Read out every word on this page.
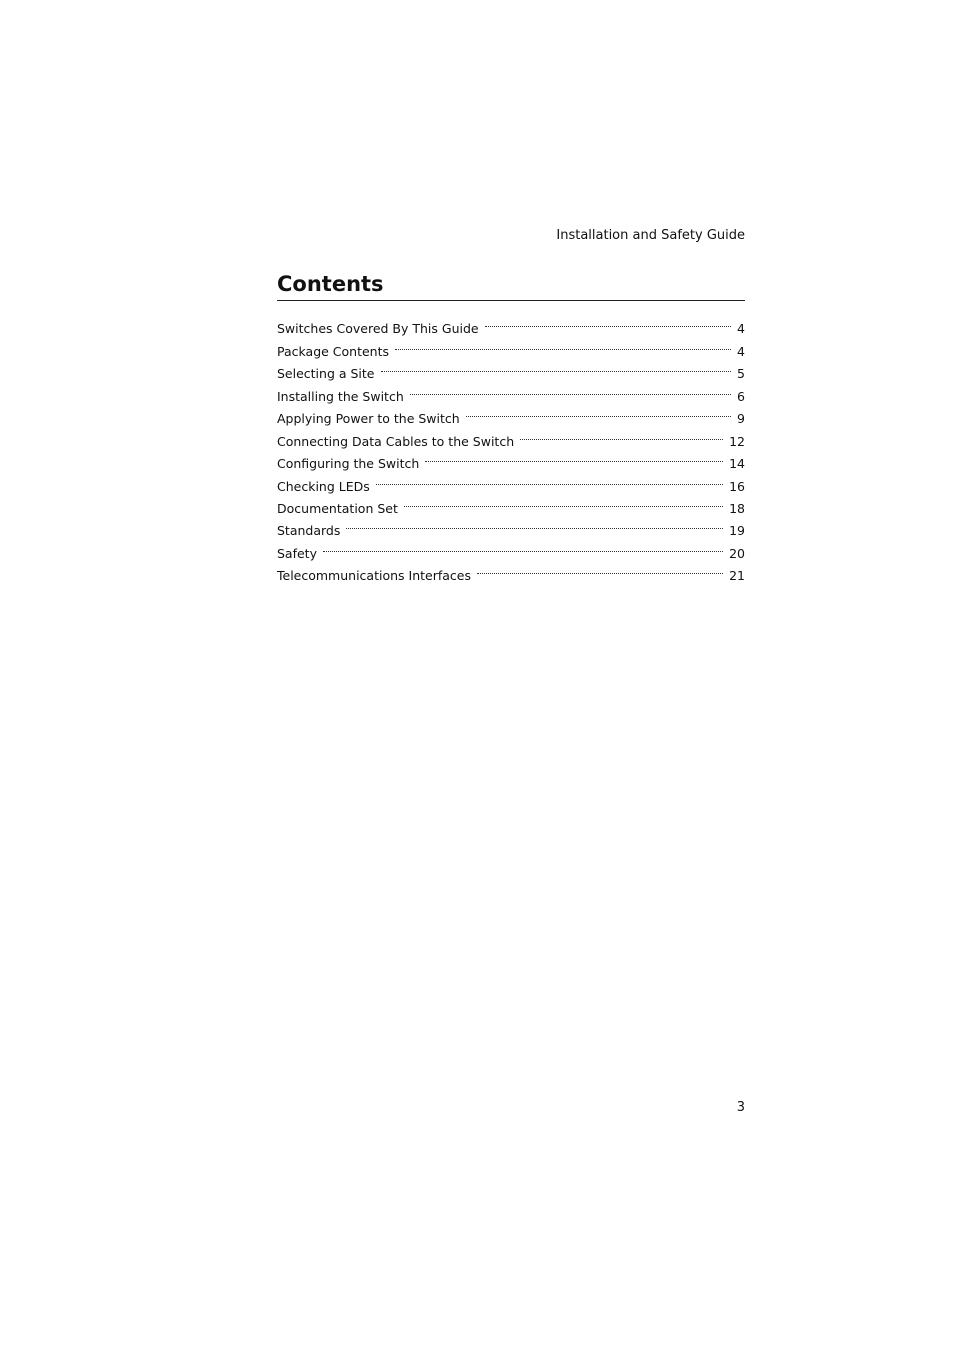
Installation and Safety Guide
Contents
Switches Covered By This Guide	4
Package Contents	4
Selecting a Site	5
Installing the Switch	6
Applying Power to the Switch	9
Connecting Data Cables to the Switch	12
Configuring the Switch	14
Checking LEDs	16
Documentation Set	18
Standards	19
Safety	20
Telecommunications Interfaces	21
3
